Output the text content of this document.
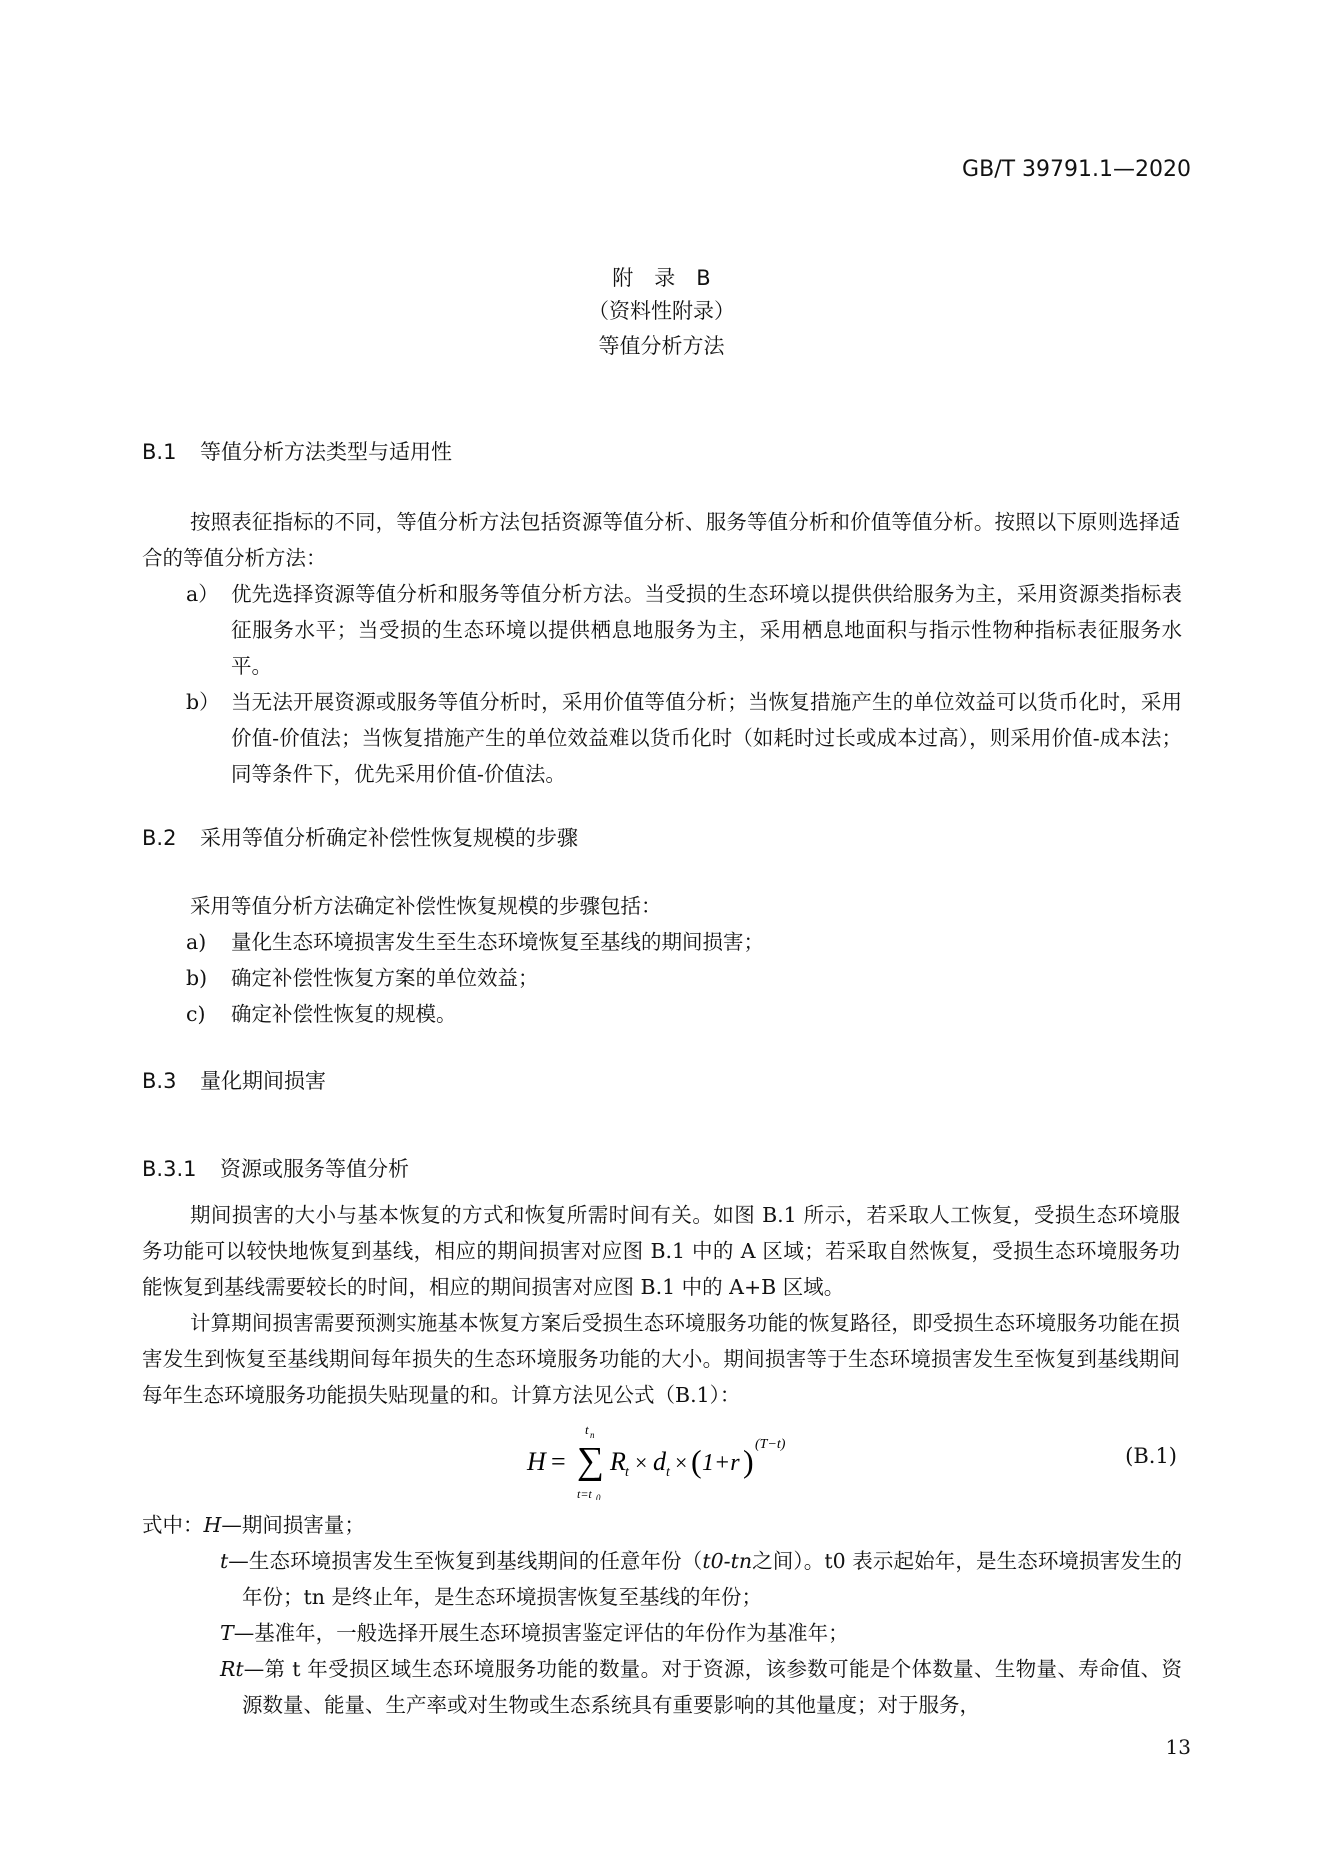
GB/T 39791.1—2020
附　录　B
（资料性附录）
等值分析方法
B.1 等值分析方法类型与适用性

按照表征指标的不同，等值分析方法包括资源等值分析、服务等值分析和价值等值分析。按照以下原则选择适合的等值分析方法：

a） 优先选择资源等值分析和服务等值分析方法。当受损的生态环境以提供供给服务为主，采用资源类指标表征服务水平；当受损的生态环境以提供栖息地服务为主，采用栖息地面积与指示性物种指标表征服务水平。
b） 当无法开展资源或服务等值分析时，采用价值等值分析；当恢复措施产生的单位效益可以货币化时，采用价值-价值法；当恢复措施产生的单位效益难以货币化时（如耗时过长或成本过高），则采用价值-成本法；同等条件下，优先采用价值-价值法。
B.2 采用等值分析确定补偿性恢复规模的步骤

采用等值分析方法确定补偿性恢复规模的步骤包括：

a) 量化生态环境损害发生至生态环境恢复至基线的期间损害；
b) 确定补偿性恢复方案的单位效益；
c) 确定补偿性恢复的规模。
B.3 量化期间损害
B.3.1 资源或服务等值分析

期间损害的大小与基本恢复的方式和恢复所需时间有关。如图 B.1 所示，若采取人工恢复，受损生态环境服务功能可以较快地恢复到基线，相应的期间损害对应图 B.1 中的 A 区域；若采取自然恢复，受损生态环境服务功能恢复到基线需要较长的时间，相应的期间损害对应图 B.1 中的 A+B 区域。

计算期间损害需要预测实施基本恢复方案后受损生态环境服务功能的恢复路径，即受损生态环境服务功能在损害发生到恢复至基线期间每年损失的生态环境服务功能的大小。期间损害等于生态环境损害发生至恢复到基线期间每年生态环境服务功能损失贴现量的和。计算方法见公式（B.1）：

H = ∑
t n
t=t 0
R t × d t × ( 1+r ) (T−t)	(B.1)
式中：H—期间损害量；
t—生态环境损害发生至恢复到基线期间的任意年份（t0-tn之间）。t0 表示起始年，是生态环境损害发生的年份；tn 是终止年，是生态环境损害恢复至基线的年份；
T—基准年，一般选择开展生态环境损害鉴定评估的年份作为基准年；
Rt—第 t 年受损区域生态环境服务功能的数量。对于资源，该参数可能是个体数量、生物量、寿命值、资源数量、能量、生产率或对生物或生态系统具有重要影响的其他量度；对于服务，
13
